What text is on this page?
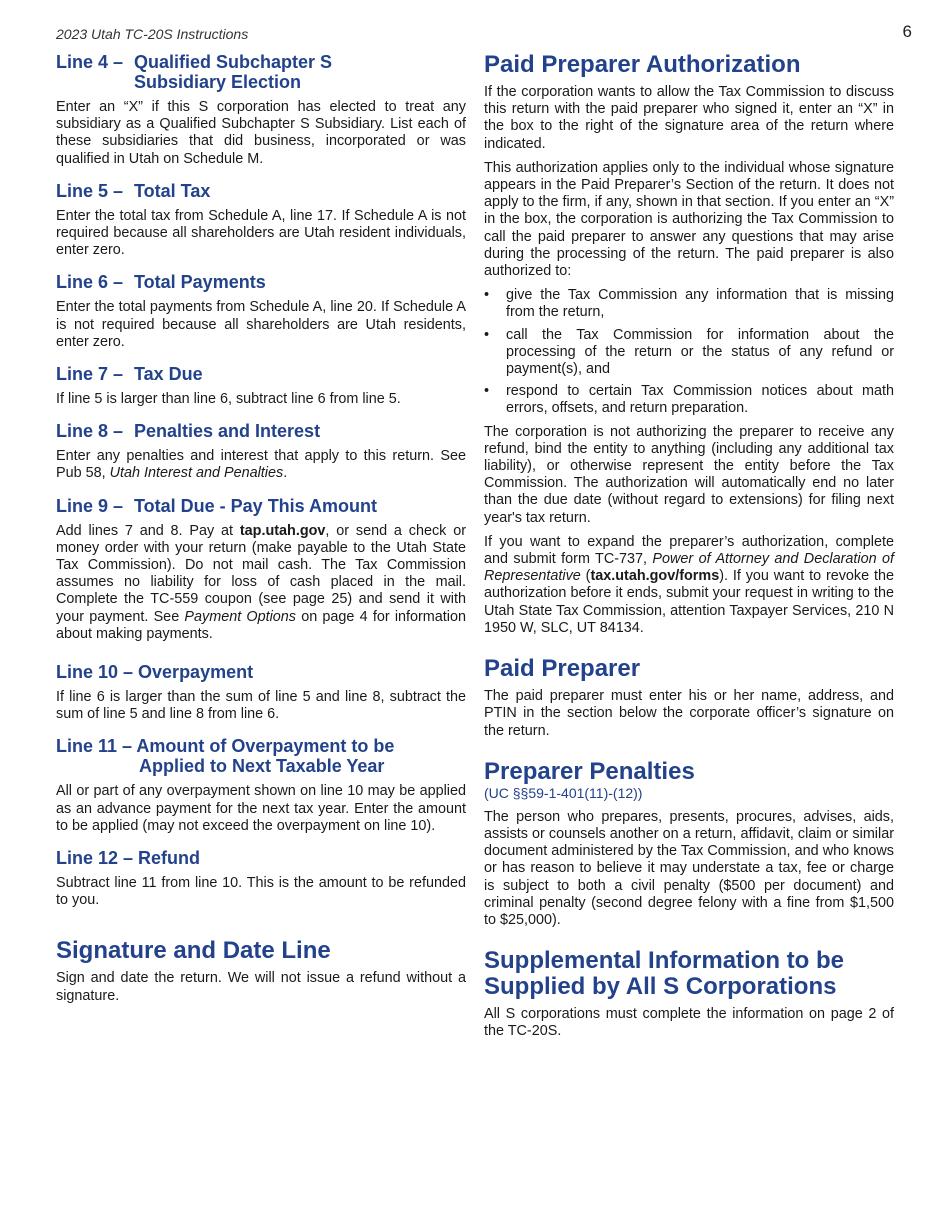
2023 Utah TC-20S Instructions	6
Line 4 – Qualified Subchapter S
Subsidiary Election

Enter an “X” if this S corporation has elected to treat any subsidiary as a Qualified Subchapter S Subsidiary. List each of these subsidiaries that did business, incorporated or was qualified in Utah on Schedule M.

Line 5 – Total Tax

Enter the total tax from Schedule A, line 17. If Schedule A is not required because all shareholders are Utah resident individuals, enter zero.

Line 6 – Total Payments

Enter the total payments from Schedule A, line 20. If Schedule A is not required because all shareholders are Utah residents, enter zero.

Line 7 – Tax Due

If line 5 is larger than line 6, subtract line 6 from line 5.

Line 8 – Penalties and Interest

Enter any penalties and interest that apply to this return. See Pub 58, Utah Interest and Penalties.

Line 9 – Total Due - Pay This Amount

Add lines 7 and 8. Pay at tap.utah.gov, or send a check or money order with your return (make payable to the Utah State Tax Commission). Do not mail cash. The Tax Commission assumes no liability for loss of cash placed in the mail. Complete the TC-559 coupon (see page 25) and send it with your payment. See Payment Options on page 4 for information about making payments.

Line 10 – Overpayment

If line 6 is larger than the sum of line 5 and line 8, subtract the sum of line 5 and line 8 from line 6.

Line 11 – Amount of Overpayment to be
Applied to Next Taxable Year

All or part of any overpayment shown on line 10 may be applied as an advance payment for the next tax year. Enter the amount to be applied (may not exceed the overpayment on line 10).

Line 12 – Refund

Subtract line 11 from line 10. This is the amount to be refunded to you.

Signature and Date Line

Sign and date the return. We will not issue a refund without a signature.

Paid Preparer Authorization

If the corporation wants to allow the Tax Commission to discuss this return with the paid preparer who signed it, enter an “X” in the box to the right of the signature area of the return where indicated.

This authorization applies only to the individual whose signature appears in the Paid Preparer’s Section of the return. It does not apply to the firm, if any, shown in that section. If you enter an “X” in the box, the corporation is authorizing the Tax Commission to call the paid preparer to answer any questions that may arise during the processing of the return. The paid preparer is also authorized to:

• give the Tax Commission any information that is missing from the return,
• call the Tax Commission for information about the processing of the return or the status of any refund or payment(s), and
• respond to certain Tax Commission notices about math errors, offsets, and return preparation.

The corporation is not authorizing the preparer to receive any refund, bind the entity to anything (including any additional tax liability), or otherwise represent the entity before the Tax Commission. The authorization will automatically end no later than the due date (without regard to extensions) for filing next year's tax return.

If you want to expand the preparer’s authorization, complete and submit form TC-737, Power of Attorney and Declaration of Representative (tax.utah.gov/forms). If you want to revoke the authorization before it ends, submit your request in writing to the Utah State Tax Commission, attention Taxpayer Services, 210 N 1950 W, SLC, UT 84134.

Paid Preparer

The paid preparer must enter his or her name, address, and PTIN in the section below the corporate officer’s signature on the return.

Preparer Penalties
(UC §§59-1-401(11)-(12))

The person who prepares, presents, procures, advises, aids, assists or counsels another on a return, affidavit, claim or similar document administered by the Tax Commission, and who knows or has reason to believe it may understate a tax, fee or charge is subject to both a civil penalty ($500 per document) and criminal penalty (second degree felony with a fine from $1,500 to $25,000).

Supplemental Information to be
Supplied by All S Corporations

All S corporations must complete the information on page 2 of the TC-20S.
